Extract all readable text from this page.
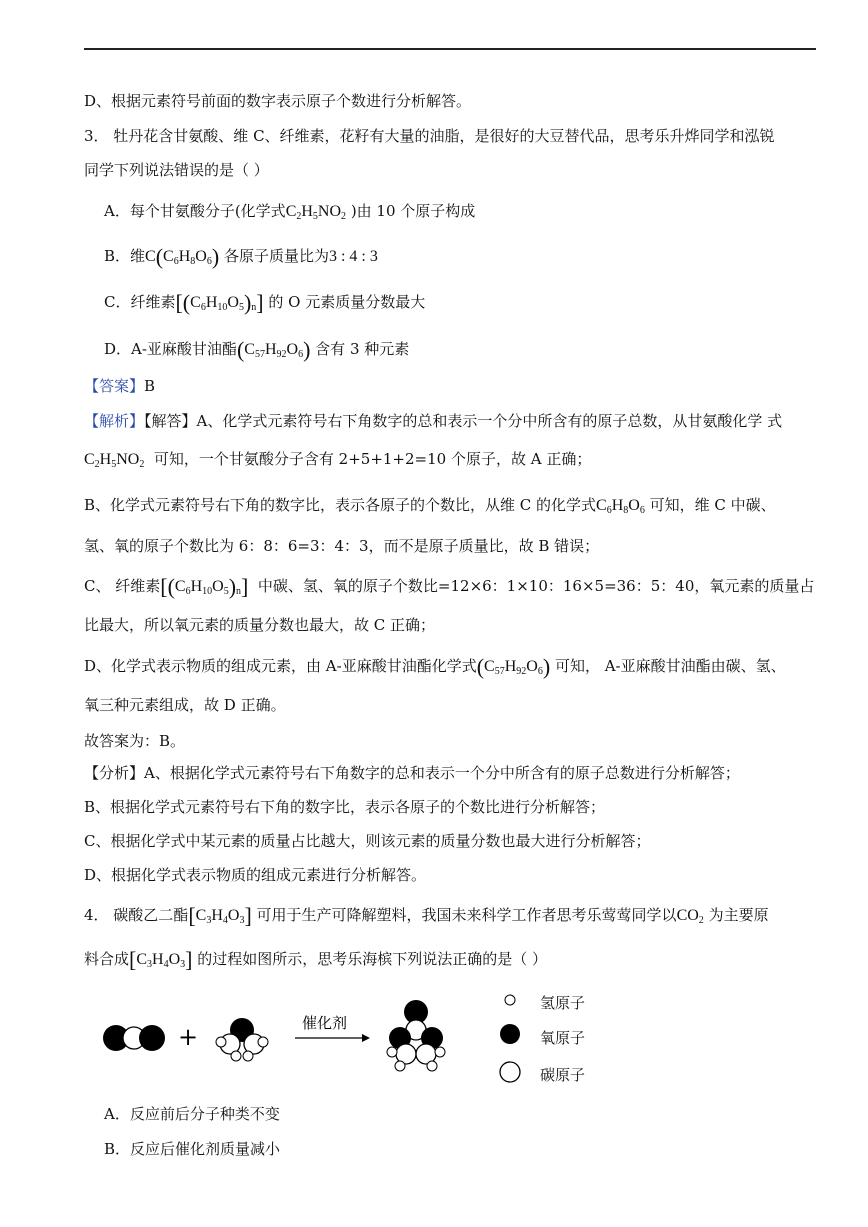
D、根据元素符号前面的数字表示原子个数进行分析解答。
3． 牡丹花含甘氨酸、维 C、纤维素，花籽有大量的油脂，是很好的大豆替代品，思考乐升烨同学和泓锐
同学下列说法错误的是（ ）
A．每个甘氨酸分子(化学式$C_2H_5NO_2$ )由 10 个原子构成
B．维$C(C_6H_8O_6)$ 各原子质量比为3 : 4 : 3
C．纤维素$[(C_6H_{10}O_5)_n]$ 的 O 元素质量分数最大
D．A-亚麻酸甘油酯$(C_{57}H_{92}O_6)$ 含有 3 种元素
【答案】B
【解析】【解答】A、化学式元素符号右下角数字的总和表示一个分中所含有的原子总数，从甘氨酸化学 式
$C_2H_5NO_2$ 可知，一个甘氨酸分子含有 2+5+1+2=10 个原子，故 A 正确；
B、化学式元素符号右下角的数字比，表示各原子的个数比，从维 C 的化学式$C_6H_8O_6$ 可知，维 C 中碳、
氢、氧的原子个数比为 6：8：6=3：4：3，而不是原子质量比，故 B 错误；
C、 纤维素$[(C_6H_{10}O_5)_n]$ 中碳、氢、氧的原子个数比=12×6：1×10：16×5=36：5：40，氧元素的质量占
比最大，所以氧元素的质量分数也最大，故 C 正确；
D、化学式表示物质的组成元素，由 A-亚麻酸甘油酯化学式$(C_{57}H_{92}O_6)$ 可知， A-亚麻酸甘油酯由碳、氢、
氧三种元素组成，故 D 正确。
故答案为：B。
【分析】A、根据化学式元素符号右下角数字的总和表示一个分中所含有的原子总数进行分析解答；
B、根据化学式元素符号右下角的数字比，表示各原子的个数比进行分析解答；
C、根据化学式中某元素的质量占比越大，则该元素的质量分数也最大进行分析解答；
D、根据化学式表示物质的组成元素进行分析解答。
4． 碳酸乙二酯$[C_3H_4O_3]$ 可用于生产可降解塑料，我国未来科学工作者思考乐莺莺同学以$CO_2$ 为主要原
料合成$[C_3H_4O_3]$ 的过程如图所示，思考乐海槟下列说法正确的是（ ）
+	催化剂
氢原子
氧原子
碳原子
A．反应前后分子种类不变
B．反应后催化剂质量减小
